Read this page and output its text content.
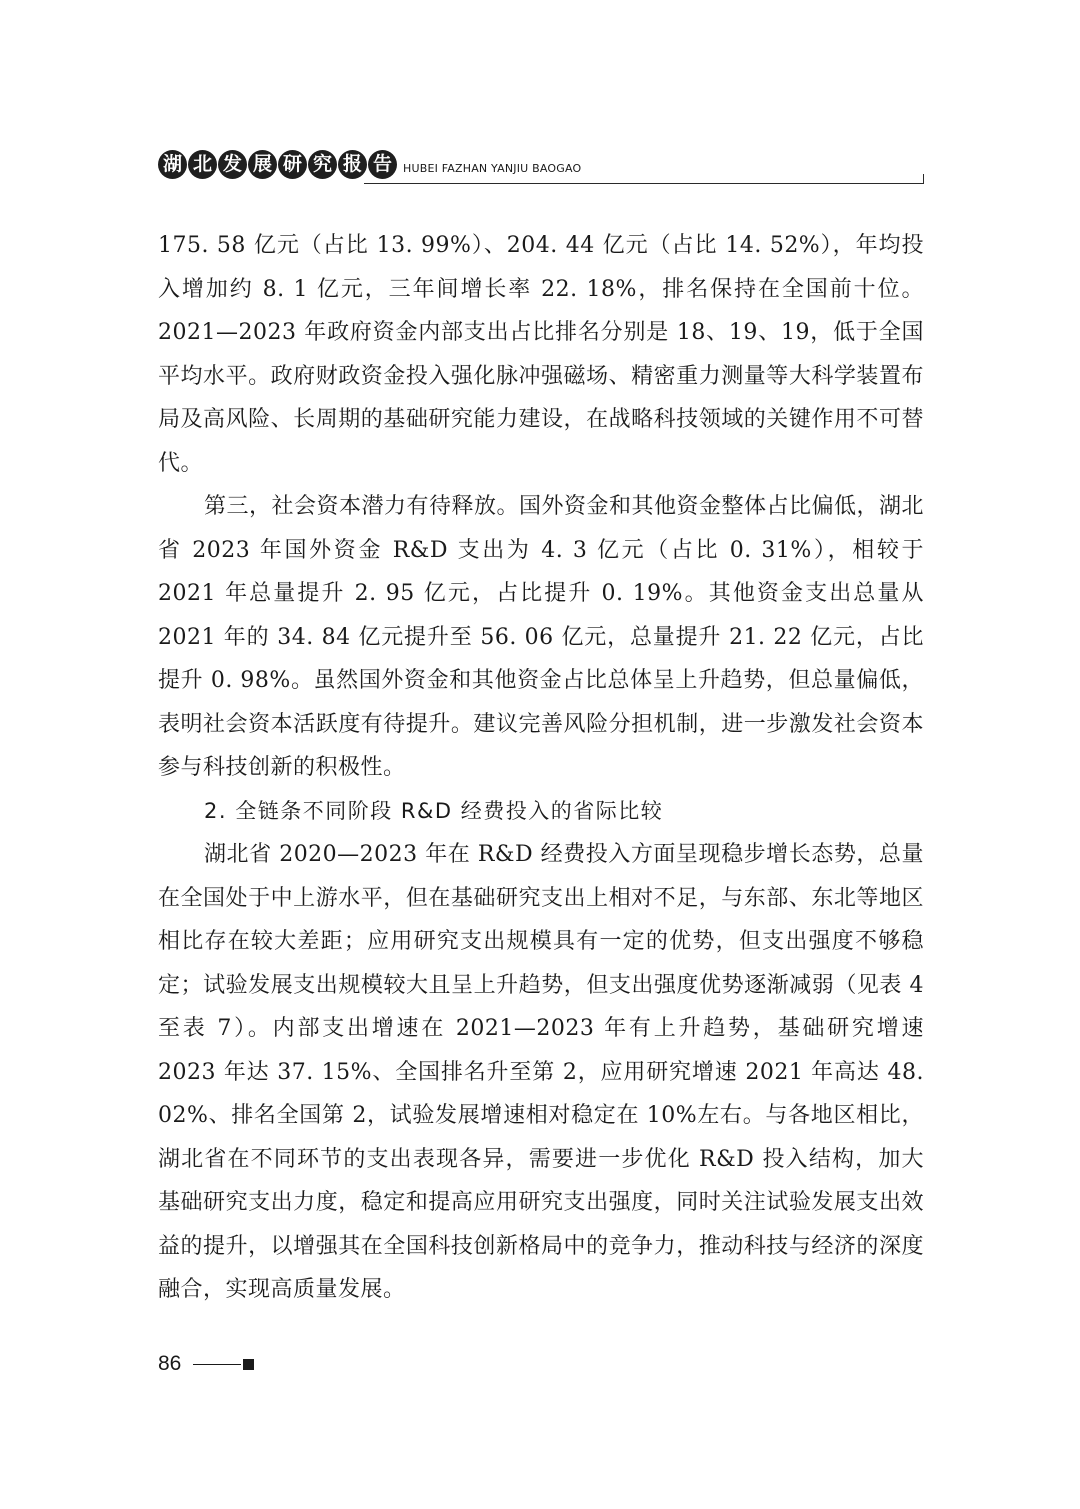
湖 北 发 展 研 究 报 告	HUBEI FAZHAN YANJIU BAOGAO

175. 58 亿元（占比 13. 99%）、204. 44 亿元（占比 14. 52%），年均投入增加约 8. 1 亿元，三年间增长率 22. 18%，排名保持在全国前十位。2021—2023 年政府资金内部支出占比排名分别是 18、19、19，低于全国平均水平。政府财政资金投入强化脉冲强磁场、精密重力测量等大科学装置布局及高风险、长周期的基础研究能力建设，在战略科技领域的关键作用不可替代。

第三，社会资本潜力有待释放。国外资金和其他资金整体占比偏低，湖北省 2023 年国外资金 R&D 支出为 4. 3 亿元（占比 0. 31%），相较于 2021 年总量提升 2. 95 亿元，占比提升 0. 19%。其他资金支出总量从 2021 年的 34. 84 亿元提升至 56. 06 亿元，总量提升 21. 22 亿元，占比提升 0. 98%。虽然国外资金和其他资金占比总体呈上升趋势，但总量偏低，表明社会资本活跃度有待提升。建议完善风险分担机制，进一步激发社会资本参与科技创新的积极性。

2. 全链条不同阶段 R&D 经费投入的省际比较

湖北省 2020—2023 年在 R&D 经费投入方面呈现稳步增长态势，总量在全国处于中上游水平，但在基础研究支出上相对不足，与东部、东北等地区相比存在较大差距；应用研究支出规模具有一定的优势，但支出强度不够稳定；试验发展支出规模较大且呈上升趋势，但支出强度优势逐渐减弱（见表 4 至表 7）。内部支出增速在 2021—2023 年有上升趋势，基础研究增速 2023 年达 37. 15%、全国排名升至第 2，应用研究增速 2021 年高达 48. 02%、排名全国第 2，试验发展增速相对稳定在 10%左右。与各地区相比，湖北省在不同环节的支出表现各异，需要进一步优化 R&D 投入结构，加大基础研究支出力度，稳定和提高应用研究支出强度，同时关注试验发展支出效益的提升，以增强其在全国科技创新格局中的竞争力，推动科技与经济的深度融合，实现高质量发展。

86
